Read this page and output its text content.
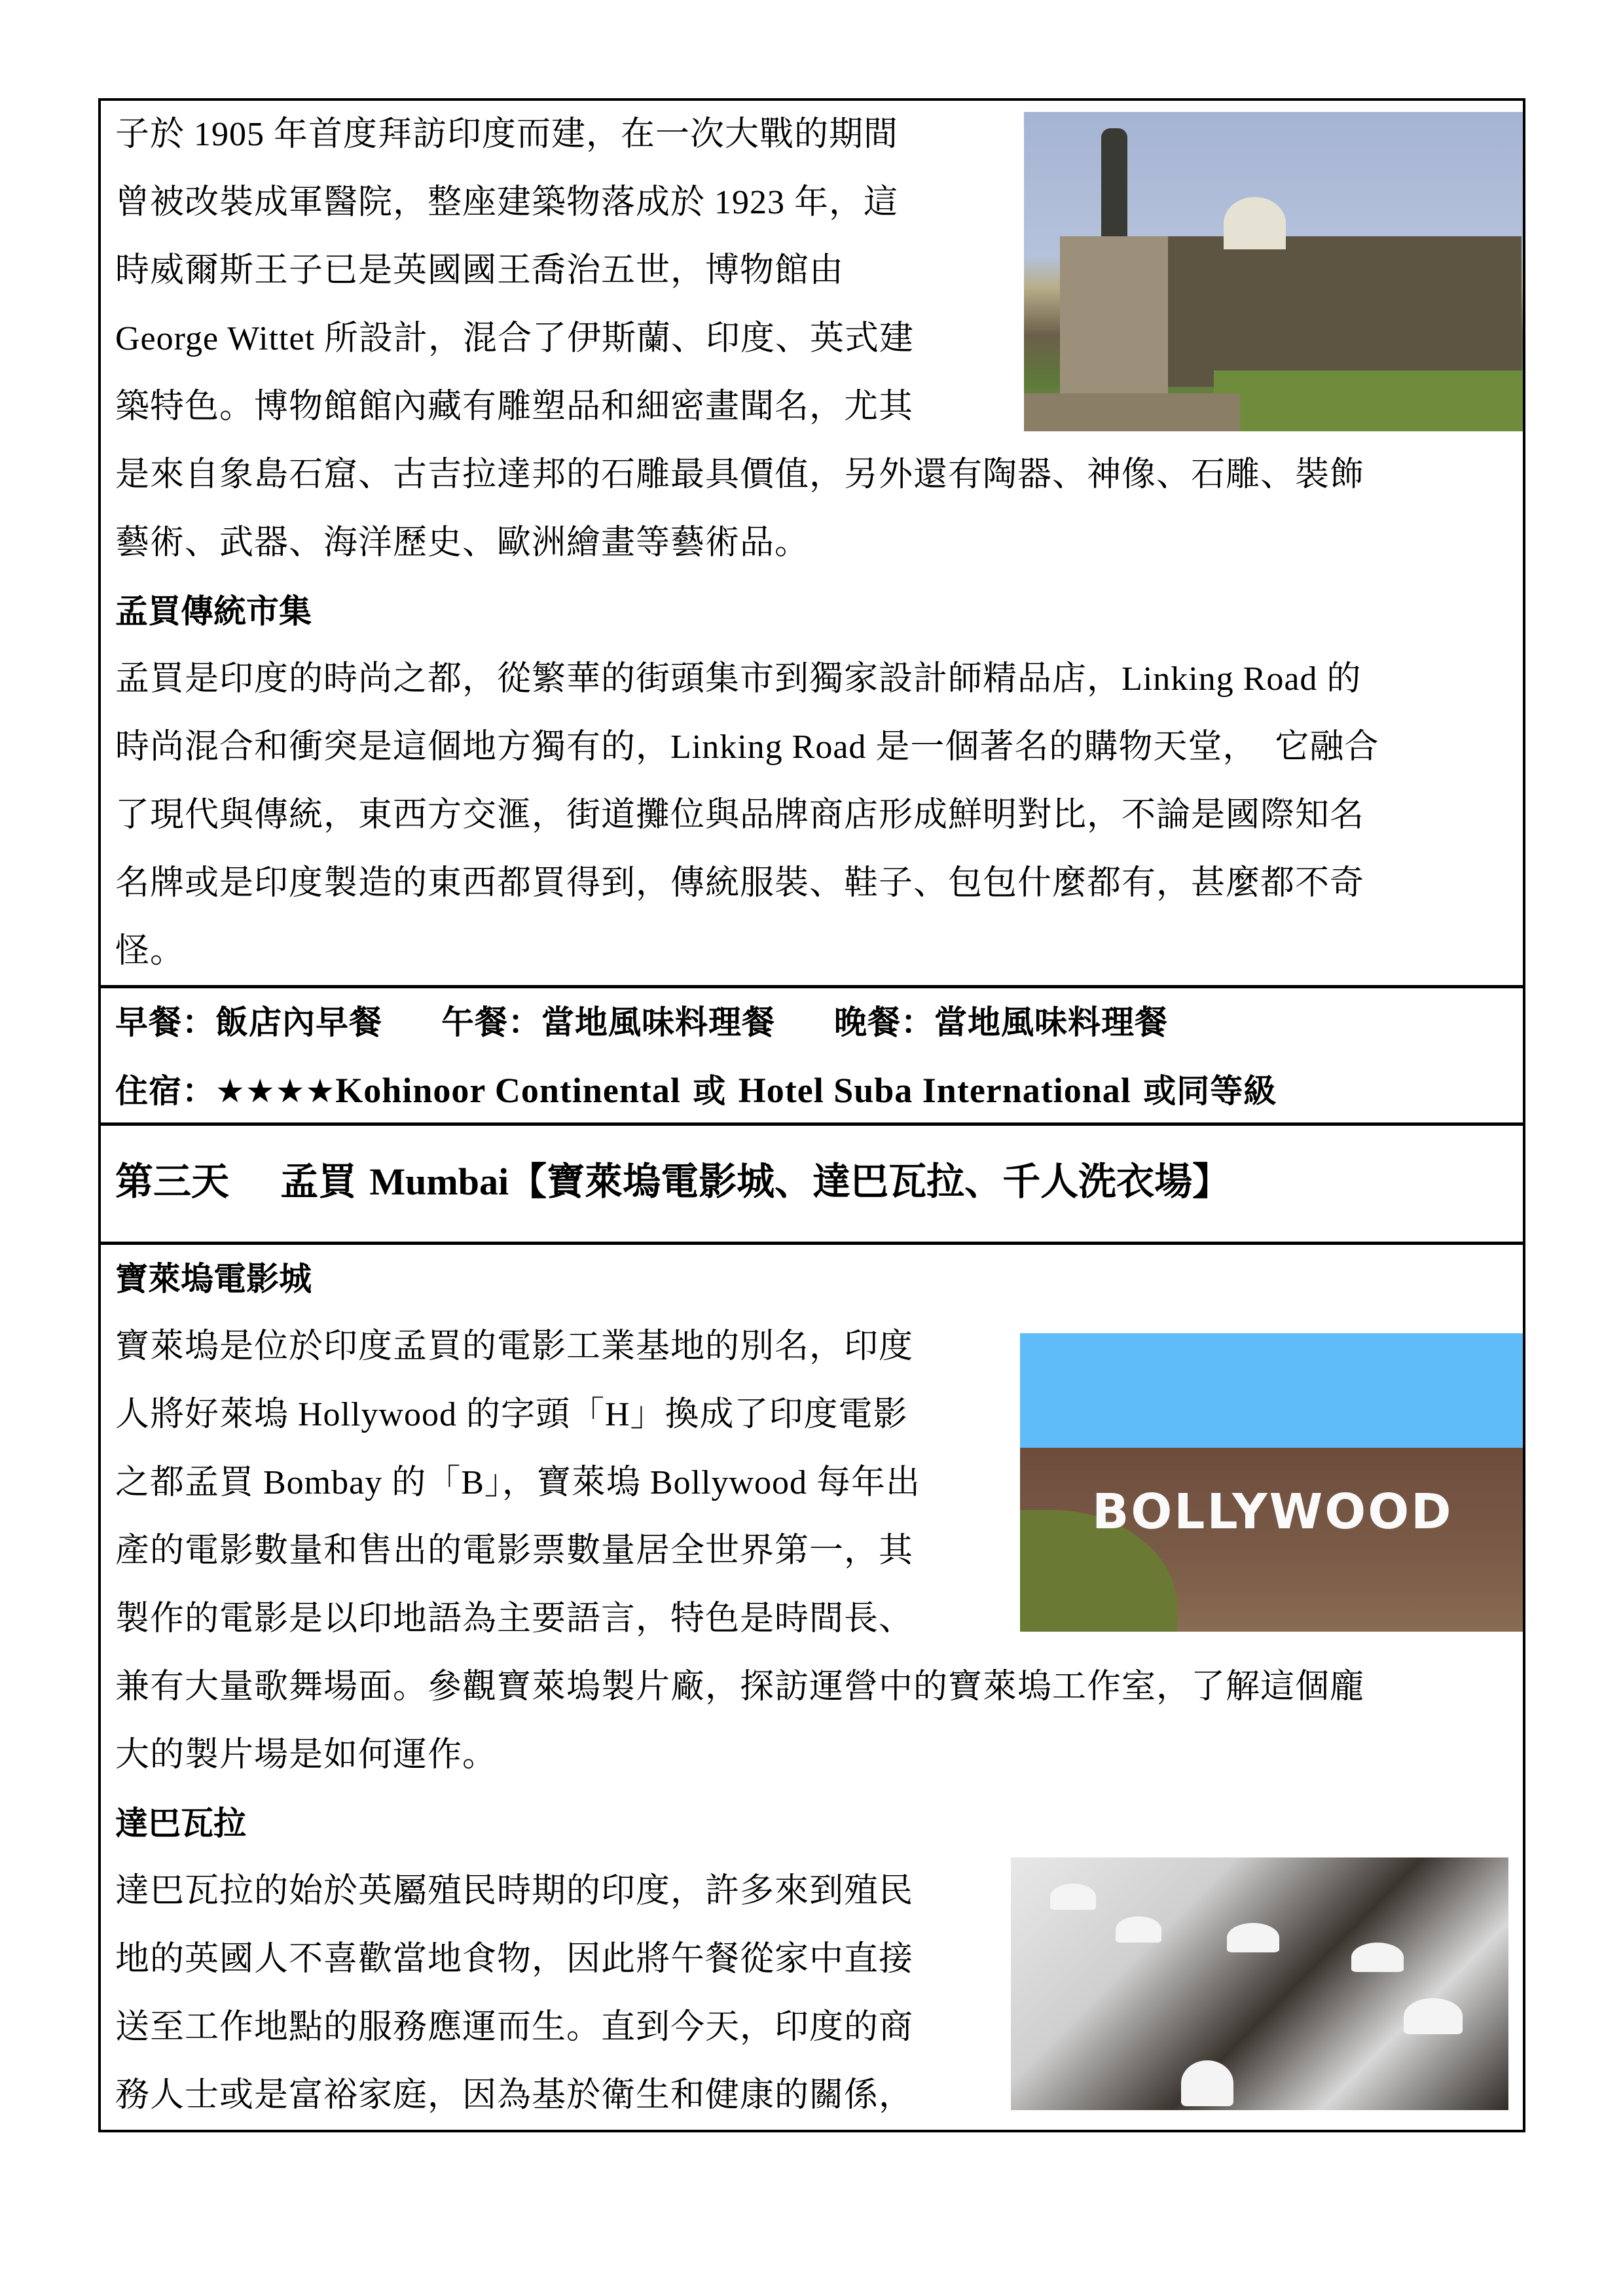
子於 1905 年首度拜訪印度而建，在一次大戰的期間
曾被改裝成軍醫院，整座建築物落成於 1923 年，這
時威爾斯王子已是英國國王喬治五世，博物館由
George Wittet 所設計，混合了伊斯蘭、印度、英式建
築特色。博物館館內藏有雕塑品和細密畫聞名，尤其
是來自象島石窟、古吉拉達邦的石雕最具價值，另外還有陶器、神像、石雕、裝飾
藝術、武器、海洋歷史、歐洲繪畫等藝術品。
孟買傳統市集
孟買是印度的時尚之都，從繁華的街頭集市到獨家設計師精品店，Linking Road 的
時尚混合和衝突是這個地方獨有的，Linking Road 是一個著名的購物天堂，　它融合
了現代與傳統，東西方交滙，街道攤位與品牌商店形成鮮明對比，不論是國際知名
名牌或是印度製造的東西都買得到，傳統服裝、鞋子、包包什麼都有，甚麼都不奇
怪。
早餐：飯店內早餐 午餐：當地風味料理餐 晚餐：當地風味料理餐
住宿：★★★★Kohinoor Continental 或 Hotel Suba International 或同等級
第三天　 孟買 Mumbai【寶萊塢電影城、達巴瓦拉、千人洗衣場】
寶萊塢電影城
BOLLYWOOD
寶萊塢是位於印度孟買的電影工業基地的別名，印度
人將好萊塢 Hollywood 的字頭「H」換成了印度電影
之都孟買 Bombay 的「B」，寶萊塢 Bollywood 每年出
產的電影數量和售出的電影票數量居全世界第一，其
製作的電影是以印地語為主要語言，特色是時間長、
兼有大量歌舞場面。參觀寶萊塢製片廠，探訪運營中的寶萊塢工作室，了解這個龐
大的製片場是如何運作。
達巴瓦拉
達巴瓦拉的始於英屬殖民時期的印度，許多來到殖民
地的英國人不喜歡當地食物，因此將午餐從家中直接
送至工作地點的服務應運而生。直到今天，印度的商
務人士或是富裕家庭，因為基於衛生和健康的關係，
